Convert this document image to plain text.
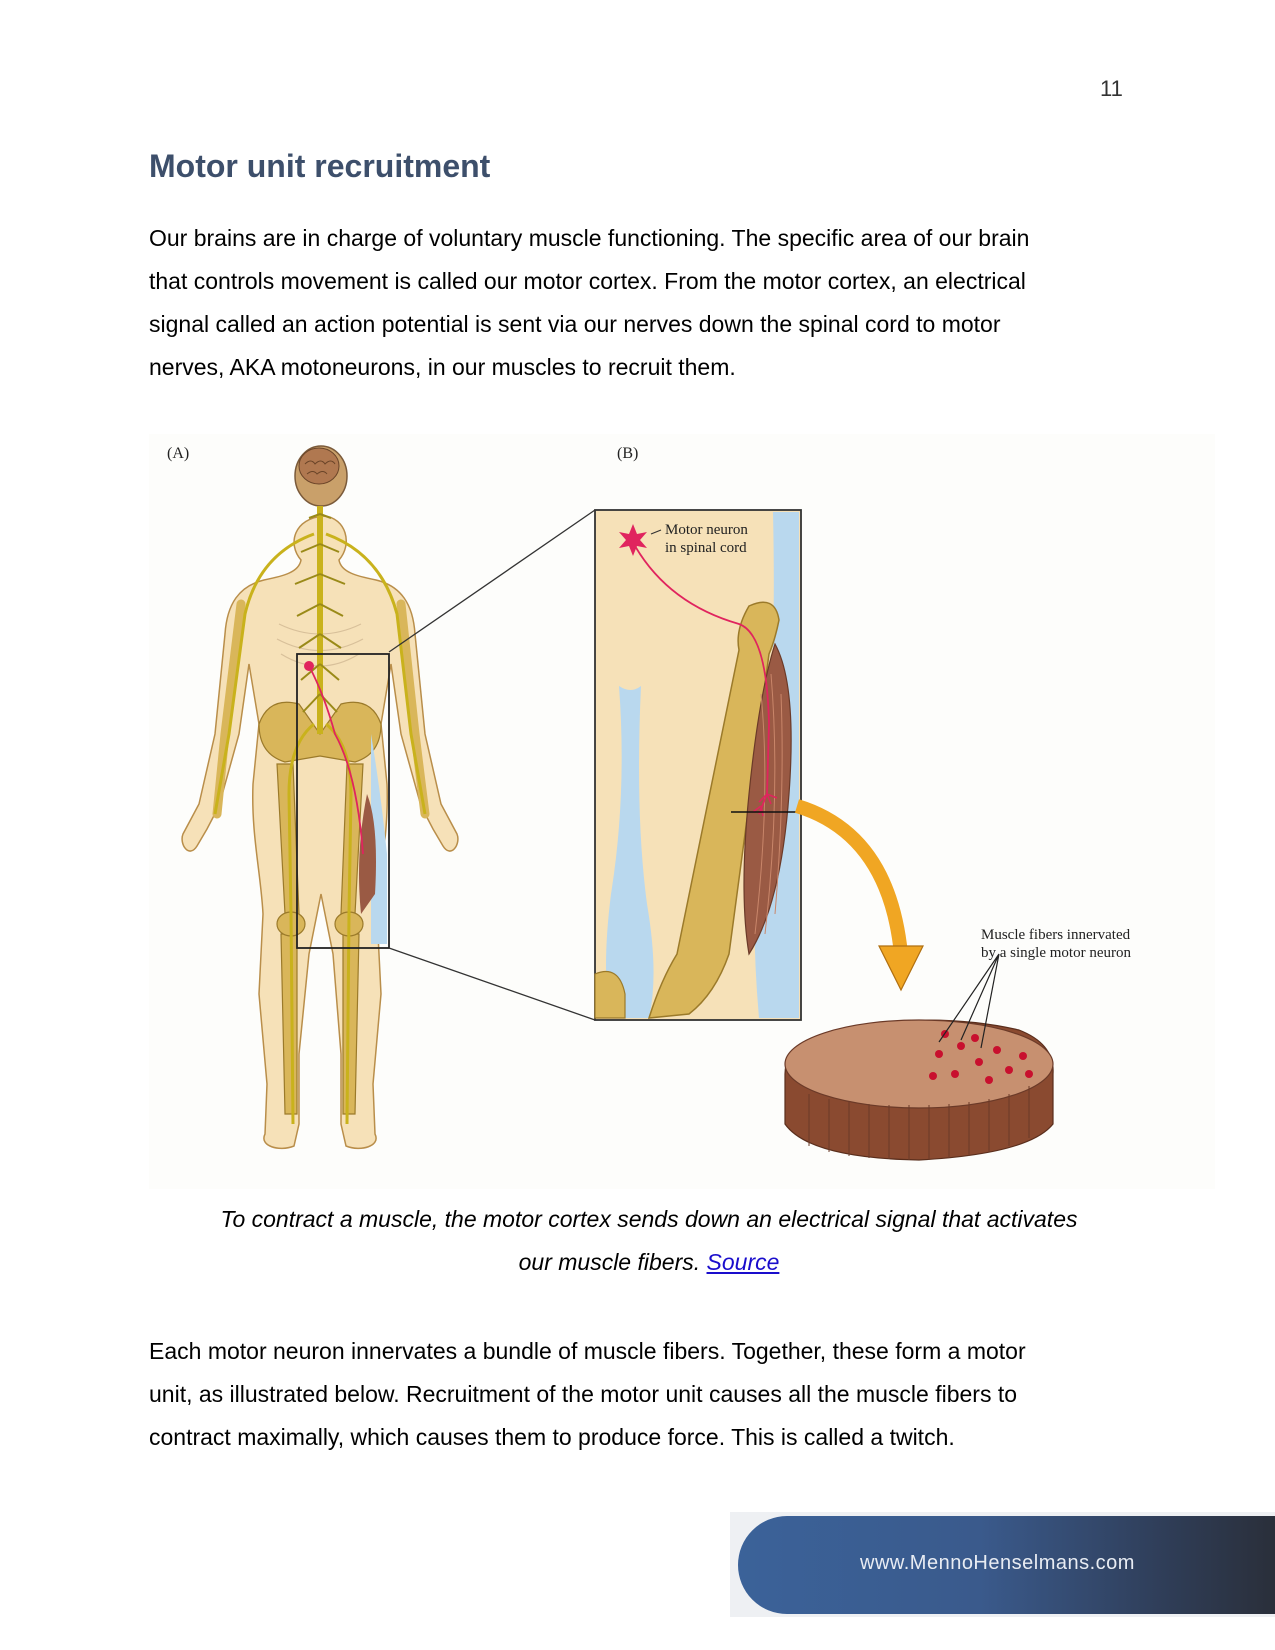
11
Motor unit recruitment
Our brains are in charge of voluntary muscle functioning. The specific area of our brain
that controls movement is called our motor cortex. From the motor cortex, an electrical
signal called an action potential is sent via our nerves down the spinal cord to motor
nerves, AKA motoneurons, in our muscles to recruit them.
(A)	(B)
Motor neuron
in spinal cord
Muscle fibers innervated
by a single motor neuron
To contract a muscle, the motor cortex sends down an electrical signal that activates
our muscle fibers. Source
Each motor neuron innervates a bundle of muscle fibers. Together, these form a motor
unit, as illustrated below. Recruitment of the motor unit causes all the muscle fibers to
contract maximally, which causes them to produce force. This is called a twitch.
www.MennoHenselmans.com
